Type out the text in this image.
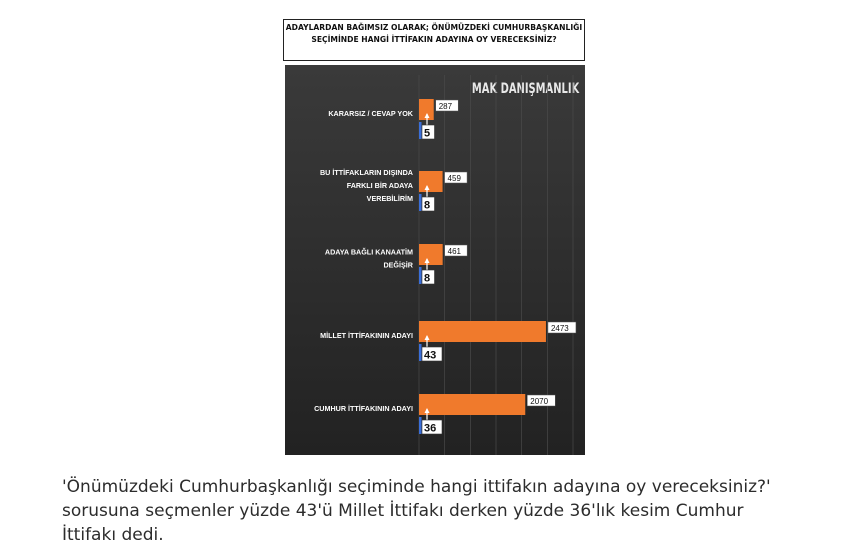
ADAYLARDAN BAĞIMSIZ OLARAK; ÖNÜMÜZDEKİ CUMHURBAŞKANLIĞI SEÇİMİNDE HANGİ İTTİFAKIN ADAYINA OY VERECEKSİNİZ?
MAK DANIŞMANLIK
KARARSIZ / CEVAP YOK
287
5
BU İTTİFAKLARIN DIŞINDA
FARKLI BİR ADAYA
VEREBİLİRİM
459
8
ADAYA BAĞLI KANAATİM
DEĞİŞİR
461
8
MİLLET İTTİFAKININ ADAYI
2473
43
CUMHUR İTTİFAKININ ADAYI
2070
36

'Önümüzdeki Cumhurbaşkanlığı seçiminde hangi ittifakın adayına oy vereceksiniz?' sorusuna seçmenler yüzde 43'ü Millet İttifakı derken yüzde 36'lık kesim Cumhur İttifakı dedi.
